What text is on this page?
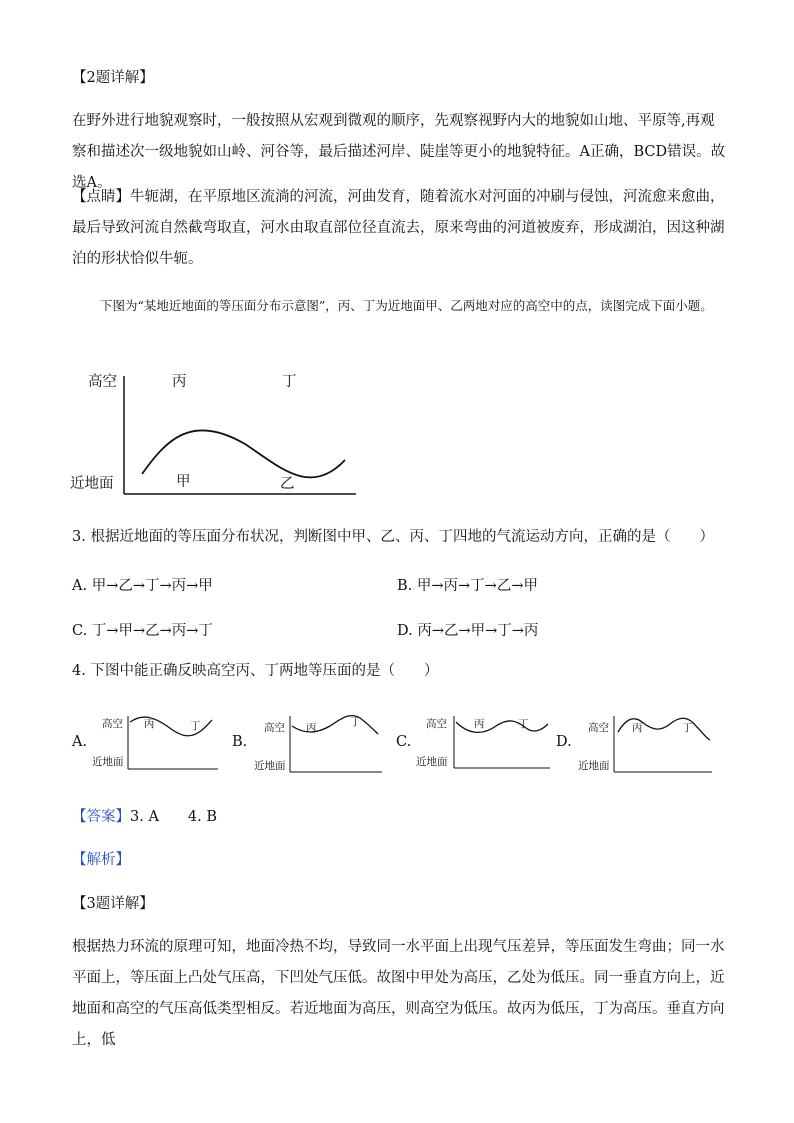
【2题详解】
在野外进行地貌观察时，一般按照从宏观到微观的顺序，先观察视野内大的地貌如山地、平原等,再观察和描述次一级地貌如山岭、河谷等，最后描述河岸、陡崖等更小的地貌特征。A正确，BCD错误。故选A。
【点睛】牛轭湖，在平原地区流淌的河流，河曲发育，随着流水对河面的冲刷与侵蚀，河流愈来愈曲，最后导致河流自然截弯取直，河水由取直部位径直流去，原来弯曲的河道被废弃，形成湖泊，因这种湖泊的形状恰似牛轭。
下图为“某地近地面的等压面分布示意图”，丙、丁为近地面甲、乙两地对应的高空中的点，读图完成下面小题。
高空
近地面
丙	丁
甲	乙
3. 根据近地面的等压面分布状况，判断图中甲、乙、丙、丁四地的气流运动方向，正确的是（　　）
A. 甲→乙→丁→丙→甲	B. 甲→丙→丁→乙→甲
C. 丁→甲→乙→丙→丁	D. 丙→乙→甲→丁→丙
4. 下图中能正确反映高空丙、丁两地等压面的是（　　）
A.
高空
近地面
丙	丁
B.
高空
近地面
丙	丁
C.
高空
近地面
丙	丁
D.
高空
近地面
丙	丁
【答案】3. A　　4. B
【解析】
【3题详解】
根据热力环流的原理可知，地面冷热不均，导致同一水平面上出现气压差异，等压面发生弯曲；同一水平面上，等压面上凸处气压高，下凹处气压低。故图中甲处为高压，乙处为低压。同一垂直方向上，近地面和高空的气压高低类型相反。若近地面为高压，则高空为低压。故丙为低压，丁为高压。垂直方向上，低
